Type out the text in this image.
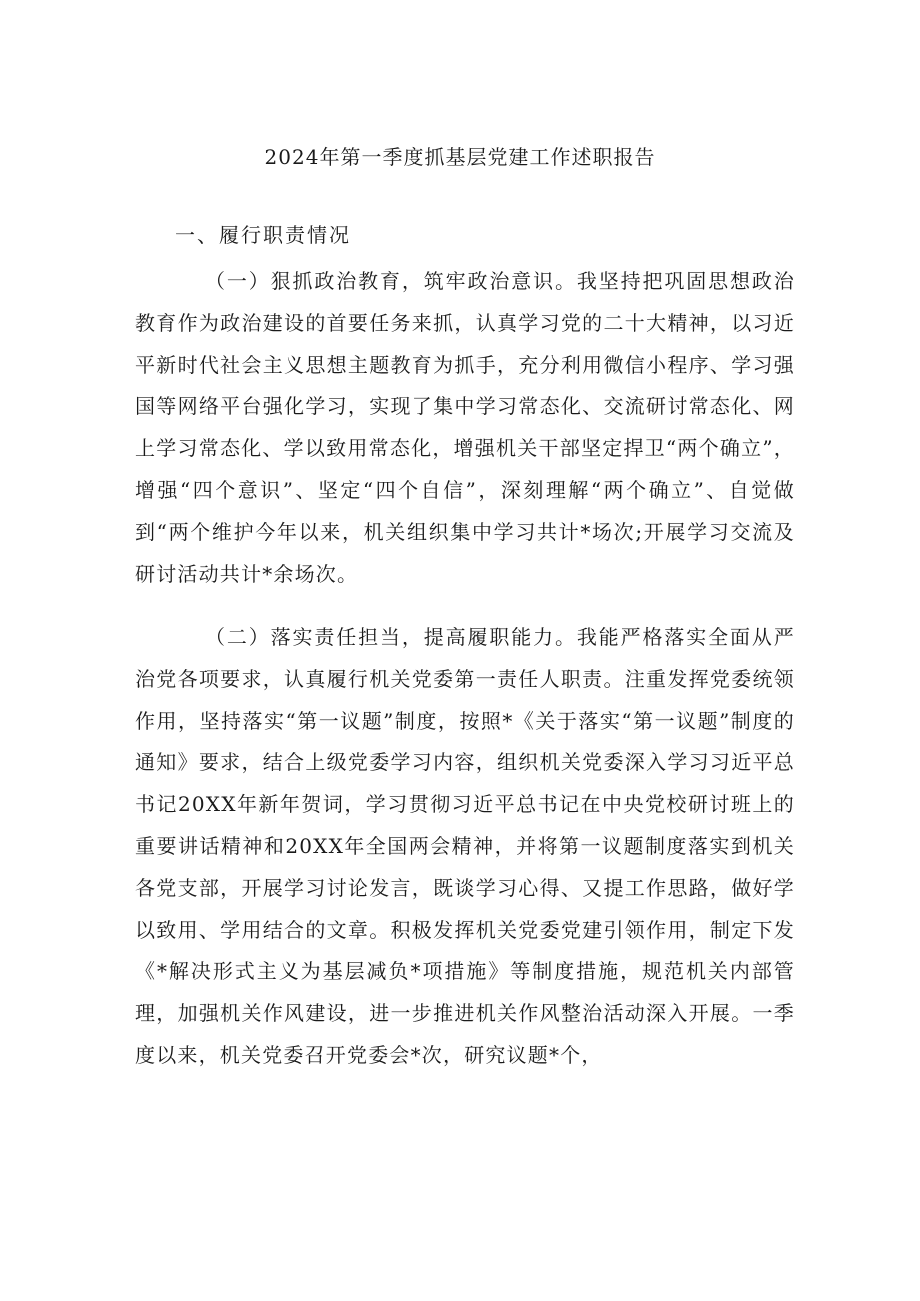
2024年第一季度抓基层党建工作述职报告
一、履行职责情况

（一）狠抓政治教育，筑牢政治意识。我坚持把巩固思想政治教育作为政治建设的首要任务来抓，认真学习党的二十大精神，以习近平新时代社会主义思想主题教育为抓手，充分利用微信小程序、学习强国等网络平台强化学习，实现了集中学习常态化、交流研讨常态化、网上学习常态化、学以致用常态化，增强机关干部坚定捍卫“两个确立”，增强“四个意识”、坚定“四个自信”，深刻理解“两个确立”、自觉做到“两个维护今年以来，机关组织集中学习共计*场次;开展学习交流及研讨活动共计*余场次。

（二）落实责任担当，提高履职能力。我能严格落实全面从严治党各项要求，认真履行机关党委第一责任人职责。注重发挥党委统领作用，坚持落实“第一议题”制度，按照*《关于落实“第一议题”制度的通知》要求，结合上级党委学习内容，组织机关党委深入学习习近平总书记20XX年新年贺词，学习贯彻习近平总书记在中央党校研讨班上的重要讲话精神和20XX年全国两会精神，并将第一议题制度落实到机关各党支部，开展学习讨论发言，既谈学习心得、又提工作思路，做好学以致用、学用结合的文章。积极发挥机关党委党建引领作用，制定下发《*解决形式主义为基层减负*项措施》等制度措施，规范机关内部管理，加强机关作风建设，进一步推进机关作风整治活动深入开展。一季度以来，机关党委召开党委会*次，研究议题*个，
